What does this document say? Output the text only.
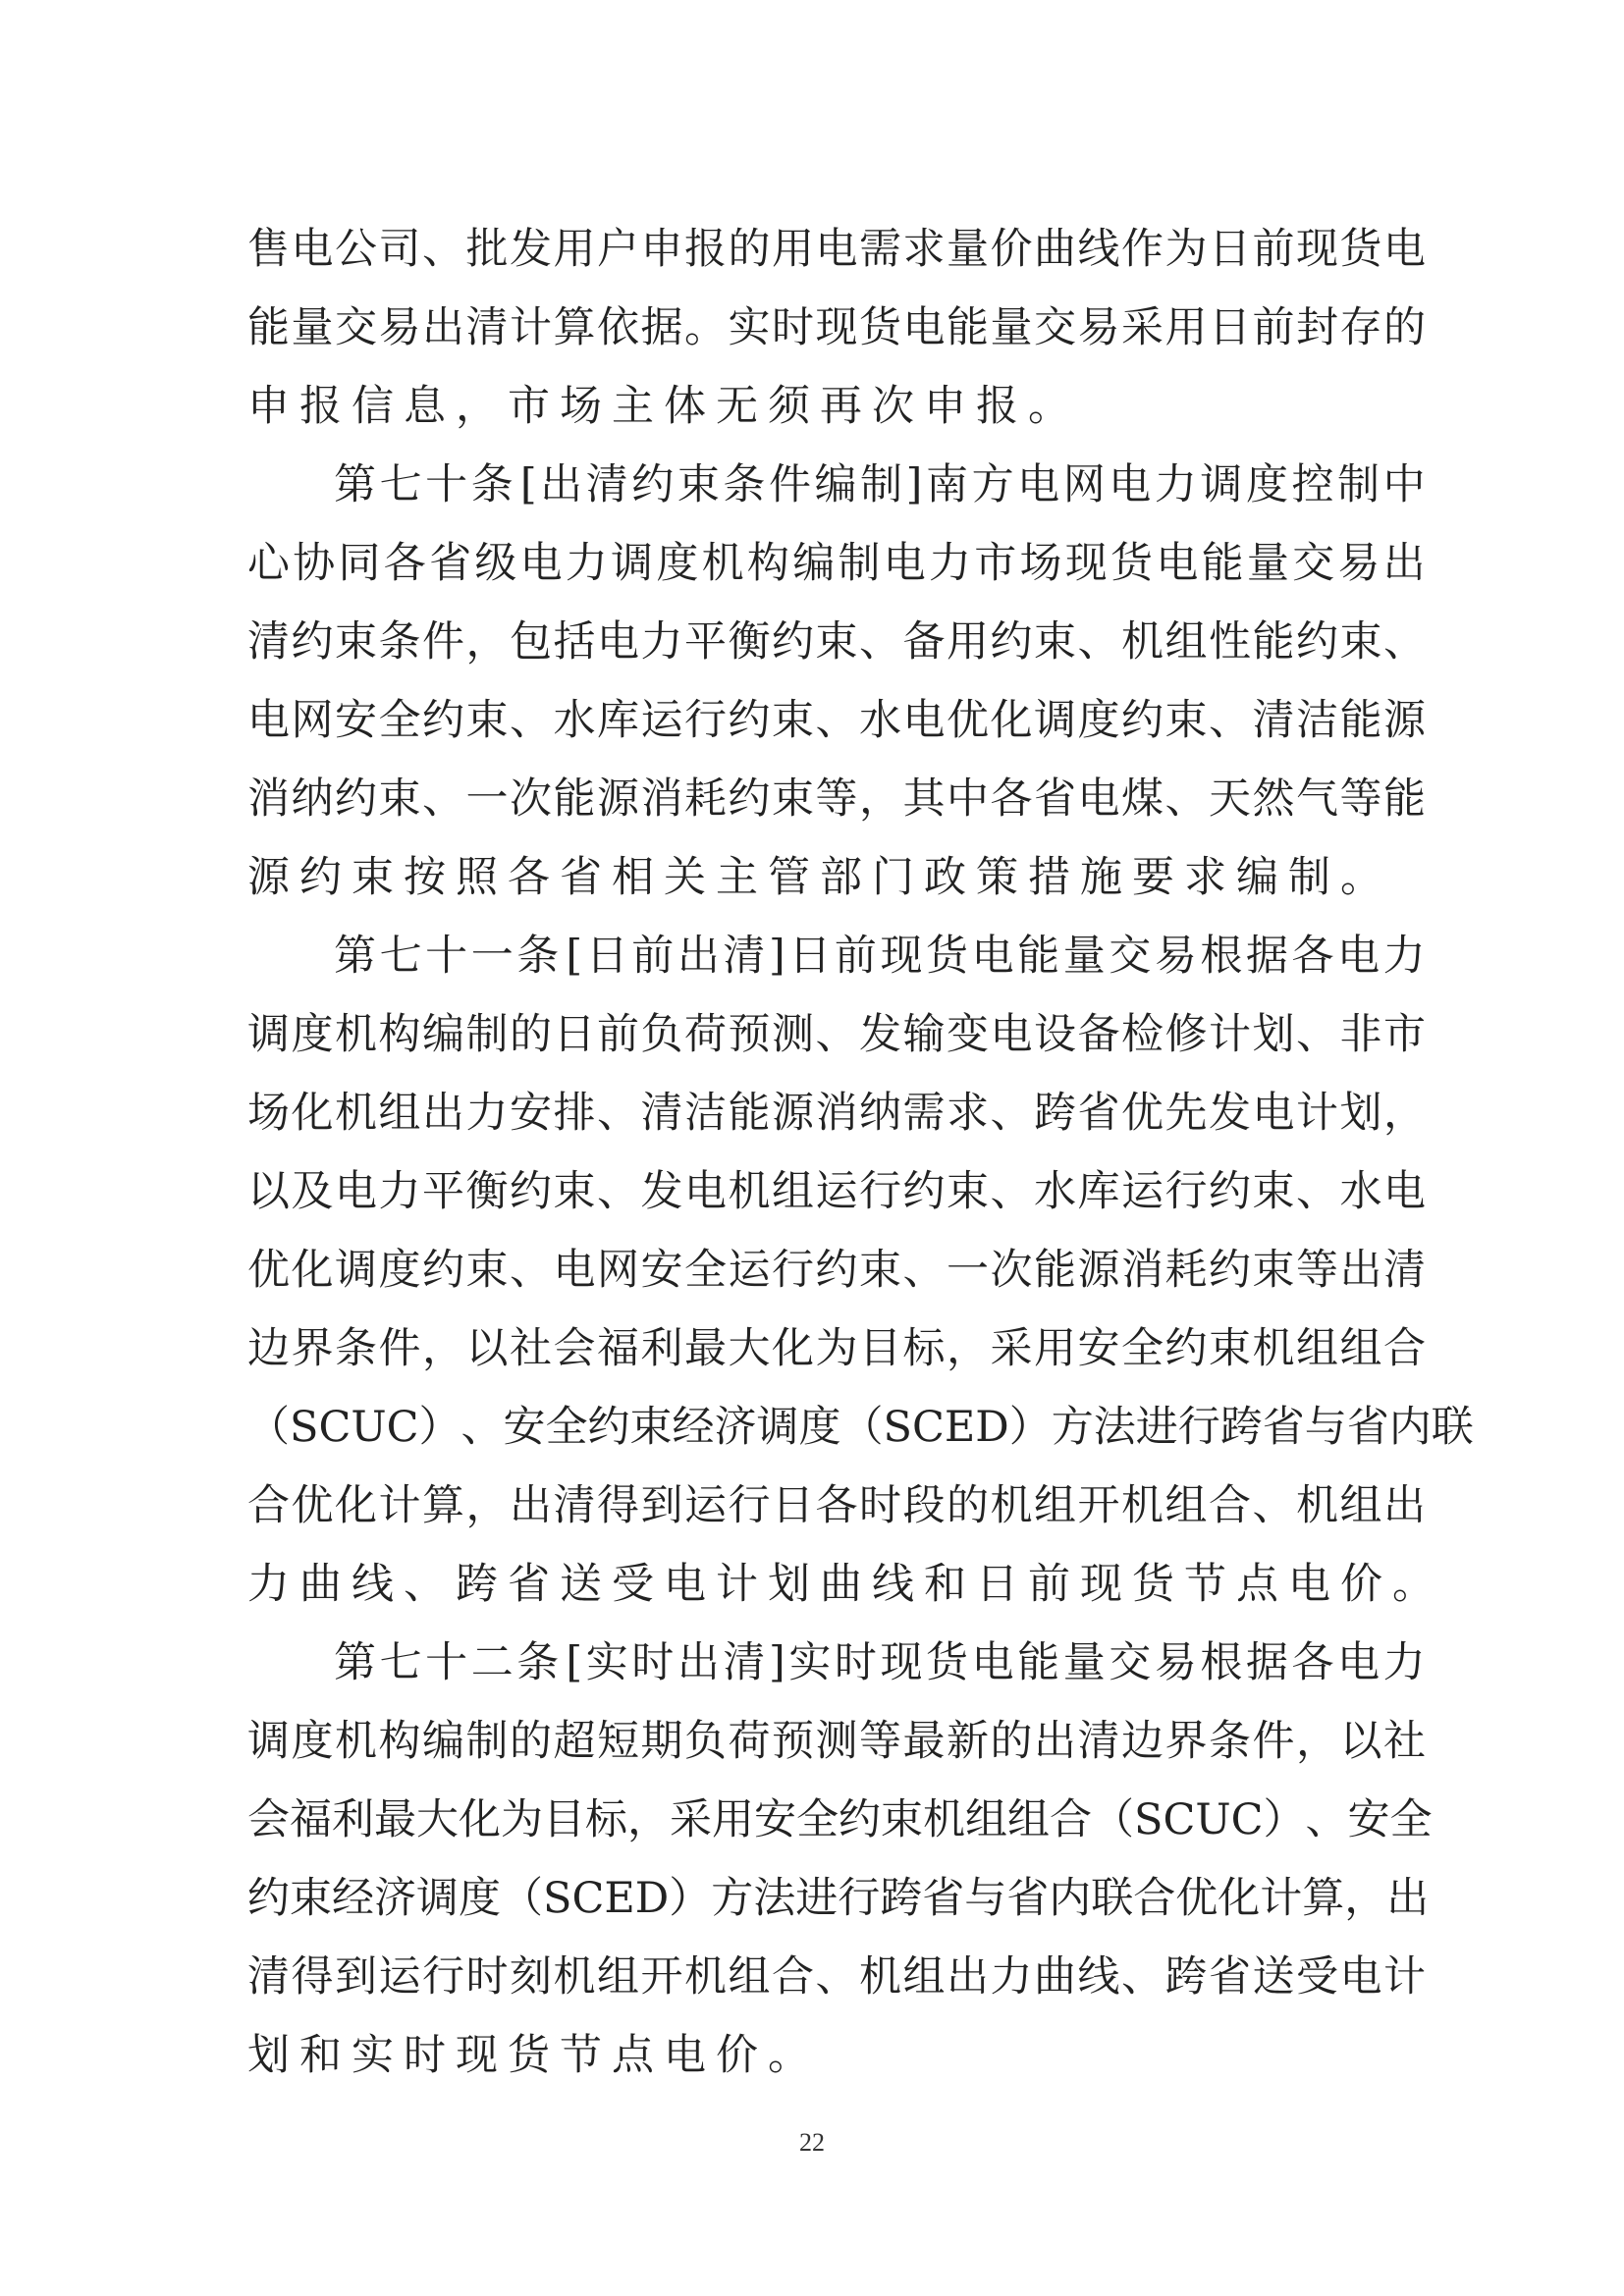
售 电 公 司 、 批 发 用 户 申 报 的 用 电 需 求 量 价 曲 线 作 为 日 前 现 货 电
能 量 交 易 出 清 计 算 依 据 。 实 时 现 货 电 能 量 交 易 采 用 日 前 封 存 的
申报信息，市场主体无须再次申报。
第 七 十 条 [ 出 清 约 束 条 件 编 制 ] 南 方 电 网 电 力 调 度 控 制 中
心 协 同 各 省 级 电 力 调 度 机 构 编 制 电 力 市 场 现 货 电 能 量 交 易 出
清 约 束 条 件 ， 包 括 电 力 平 衡 约 束 、 备 用 约 束 、 机 组 性 能 约 束 、
电 网 安 全 约 束 、 水 库 运 行 约 束 、 水 电 优 化 调 度 约 束 、 清 洁 能 源
消 纳 约 束 、 一 次 能 源 消 耗 约 束 等 ， 其 中 各 省 电 煤 、 天 然 气 等 能
源约束按照各省相关主管部门政策措施要求编制。
第 七 十 一 条 [ 日 前 出 清 ] 日 前 现 货 电 能 量 交 易 根 据 各 电 力
调 度 机 构 编 制 的 日 前 负 荷 预 测 、 发 输 变 电 设 备 检 修 计 划 、 非 市
场 化 机 组 出 力 安 排 、 清 洁 能 源 消 纳 需 求 、 跨 省 优 先 发 电 计 划 ，
以 及 电 力 平 衡 约 束 、 发 电 机 组 运 行 约 束 、 水 库 运 行 约 束 、 水 电
优 化 调 度 约 束 、 电 网 安 全 运 行 约 束 、 一 次 能 源 消 耗 约 束 等 出 清
边 界 条 件 ， 以 社 会 福 利 最 大 化 为 目 标 ， 采 用 安 全 约 束 机 组 组 合
（ S C U C ） 、 安 全 约 束 经 济 调 度 （ S C E D ） 方 法 进 行 跨 省 与 省 内 联
合 优 化 计 算 ， 出 清 得 到 运 行 日 各 时 段 的 机 组 开 机 组 合 、 机 组 出
力曲线、跨省送受电计划曲线和日前现货节点电价。
第 七 十 二 条 [ 实 时 出 清 ] 实 时 现 货 电 能 量 交 易 根 据 各 电 力
调 度 机 构 编 制 的 超 短 期 负 荷 预 测 等 最 新 的 出 清 边 界 条 件 ， 以 社
会 福 利 最 大 化 为 目 标 ， 采 用 安 全 约 束 机 组 组 合 （ S C U C ） 、 安 全
约 束 经 济 调 度 （ S C E D ） 方 法 进 行 跨 省 与 省 内 联 合 优 化 计 算 ， 出
清 得 到 运 行 时 刻 机 组 开 机 组 合 、 机 组 出 力 曲 线 、 跨 省 送 受 电 计
划和实时现货节点电价。
22
